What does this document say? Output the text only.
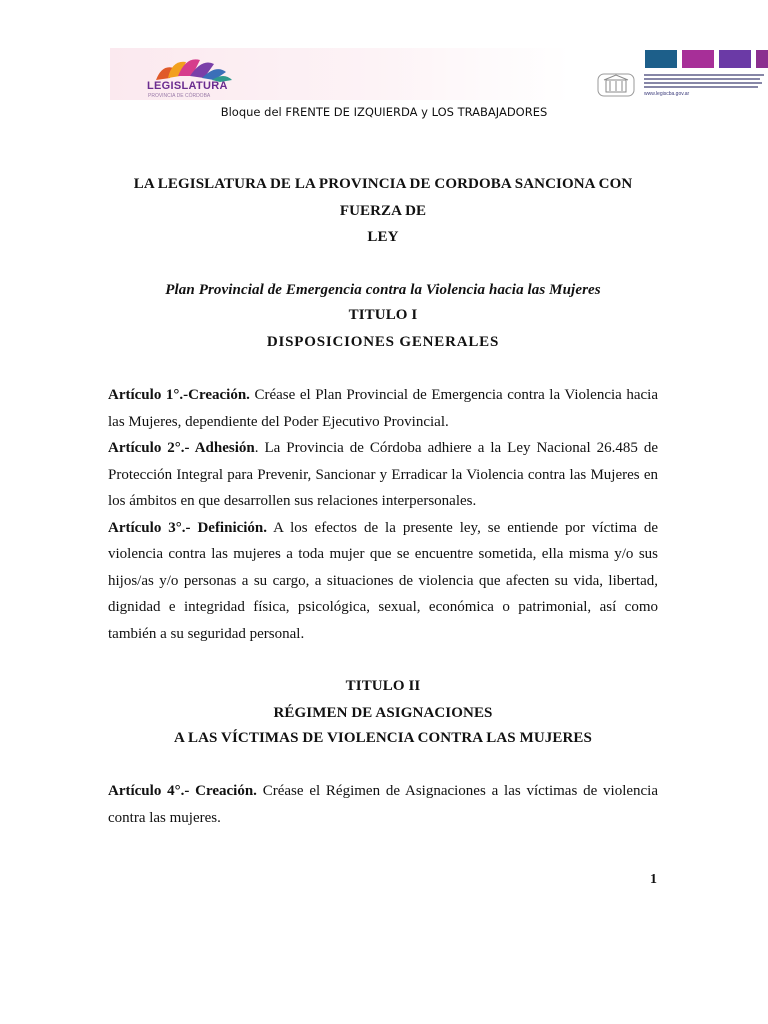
LEGISLATURA
PROVINCIA DE CÓRDOBA	www.legiscba.gov.ar
Bloque del FRENTE DE IZQUIERDA y LOS TRABAJADORES
LA LEGISLATURA DE LA PROVINCIA DE CORDOBA SANCIONA CON
FUERZA DE
LEY
Plan Provincial de Emergencia contra la Violencia hacia las Mujeres
TITULO I
DISPOSICIONES GENERALES

Artículo 1°.-Creación. Créase el Plan Provincial de Emergencia contra la Violencia hacia las Mujeres, dependiente del Poder Ejecutivo Provincial.

Artículo 2°.- Adhesión. La Provincia de Córdoba adhiere a la Ley Nacional 26.485 de Protección Integral para Prevenir, Sancionar y Erradicar la Violencia contra las Mujeres en los ámbitos en que desarrollen sus relaciones interpersonales.

Artículo 3°.- Definición. A los efectos de la presente ley, se entiende por víctima de violencia contra las mujeres a toda mujer que se encuentre sometida, ella misma y/o sus hijos/as y/o personas a su cargo, a situaciones de violencia que afecten su vida, libertad, dignidad e integridad física, psicológica, sexual, económica o patrimonial, así como también a su seguridad personal.

TITULO II
RÉGIMEN DE ASIGNACIONES
A LAS VÍCTIMAS DE VIOLENCIA CONTRA LAS MUJERES

Artículo 4°.- Creación. Créase el Régimen de Asignaciones a las víctimas de violencia contra las mujeres.

1
